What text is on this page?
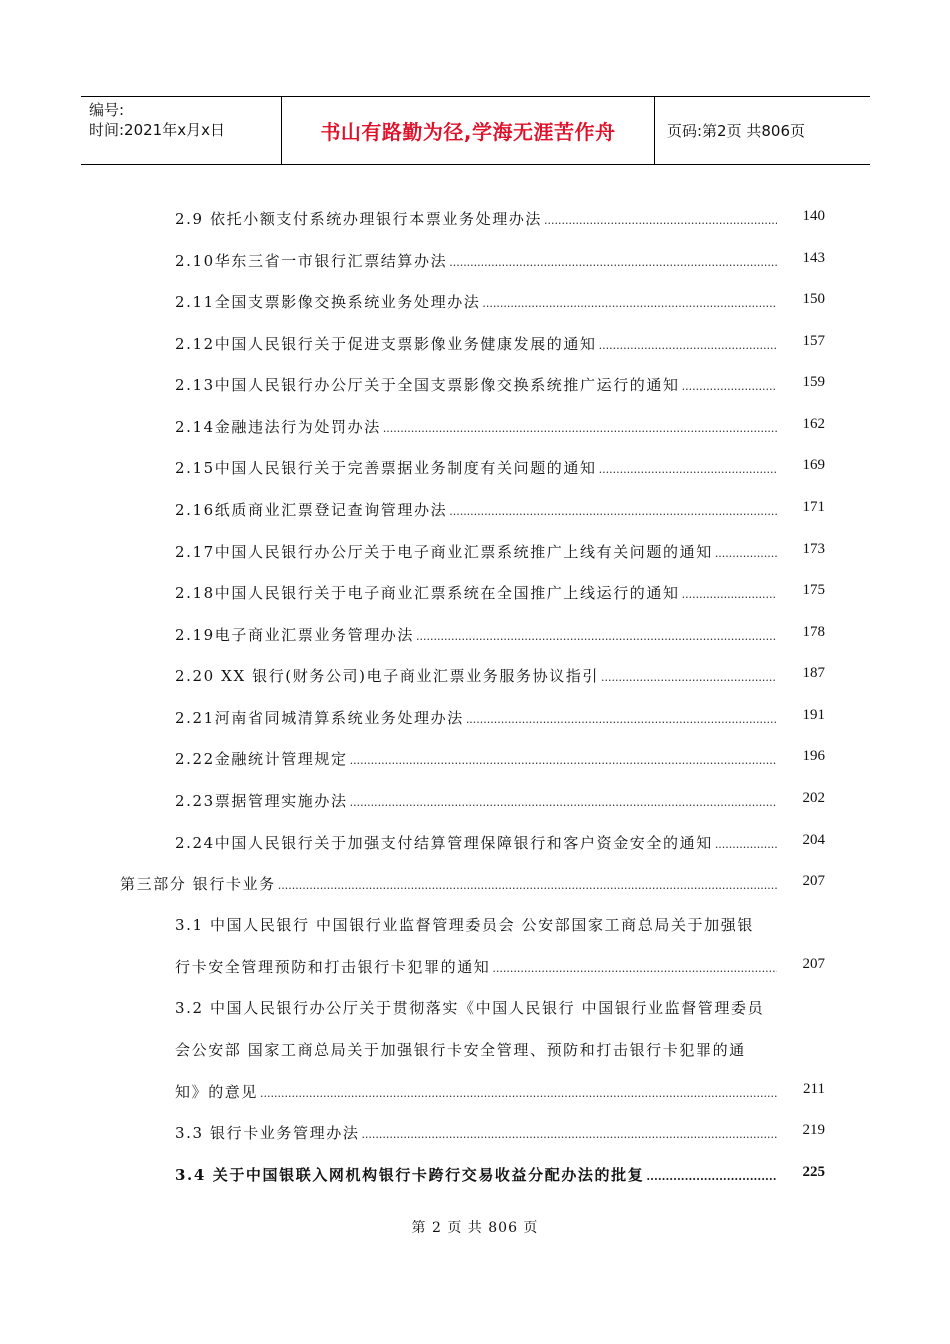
编号:
时间:2021年x月x日	书山有路勤为径,学海无涯苦作舟	页码:第2页 共806页
2.9 依托小额支付系统办理银行本票业务处理办法 .....	140
2.10华东三省一市银行汇票结算办法 .....	143
2.11全国支票影像交换系统业务处理办法 .....	150
2.12中国人民银行关于促进支票影像业务健康发展的通知 .....	157
2.13中国人民银行办公厅关于全国支票影像交换系统推广运行的通知 .....	159
2.14金融违法行为处罚办法 .....	162
2.15中国人民银行关于完善票据业务制度有关问题的通知 .....	169
2.16纸质商业汇票登记查询管理办法 .....	171
2.17中国人民银行办公厅关于电子商业汇票系统推广上线有关问题的通知 .....	173
2.18中国人民银行关于电子商业汇票系统在全国推广上线运行的通知 .....	175
2.19电子商业汇票业务管理办法 .....	178
2.20 XX 银行(财务公司)电子商业汇票业务服务协议指引 .....	187
2.21河南省同城清算系统业务处理办法 .....	191
2.22金融统计管理规定 .....	196
2.23票据管理实施办法 .....	202
2.24中国人民银行关于加强支付结算管理保障银行和客户资金安全的通知 .....	204
第三部分 银行卡业务 .....	207
3.1 中国人民银行 中国银行业监督管理委员会 公安部国家工商总局关于加强银
行卡安全管理预防和打击银行卡犯罪的通知 .....	207
3.2 中国人民银行办公厅关于贯彻落实《中国人民银行 中国银行业监督管理委员
会公安部 国家工商总局关于加强银行卡安全管理、预防和打击银行卡犯罪的通
知》的意见 .....	211
3.3 银行卡业务管理办法 .....	219
3.4 关于中国银联入网机构银行卡跨行交易收益分配办法的批复 .....	225
第 2 页 共 806 页
